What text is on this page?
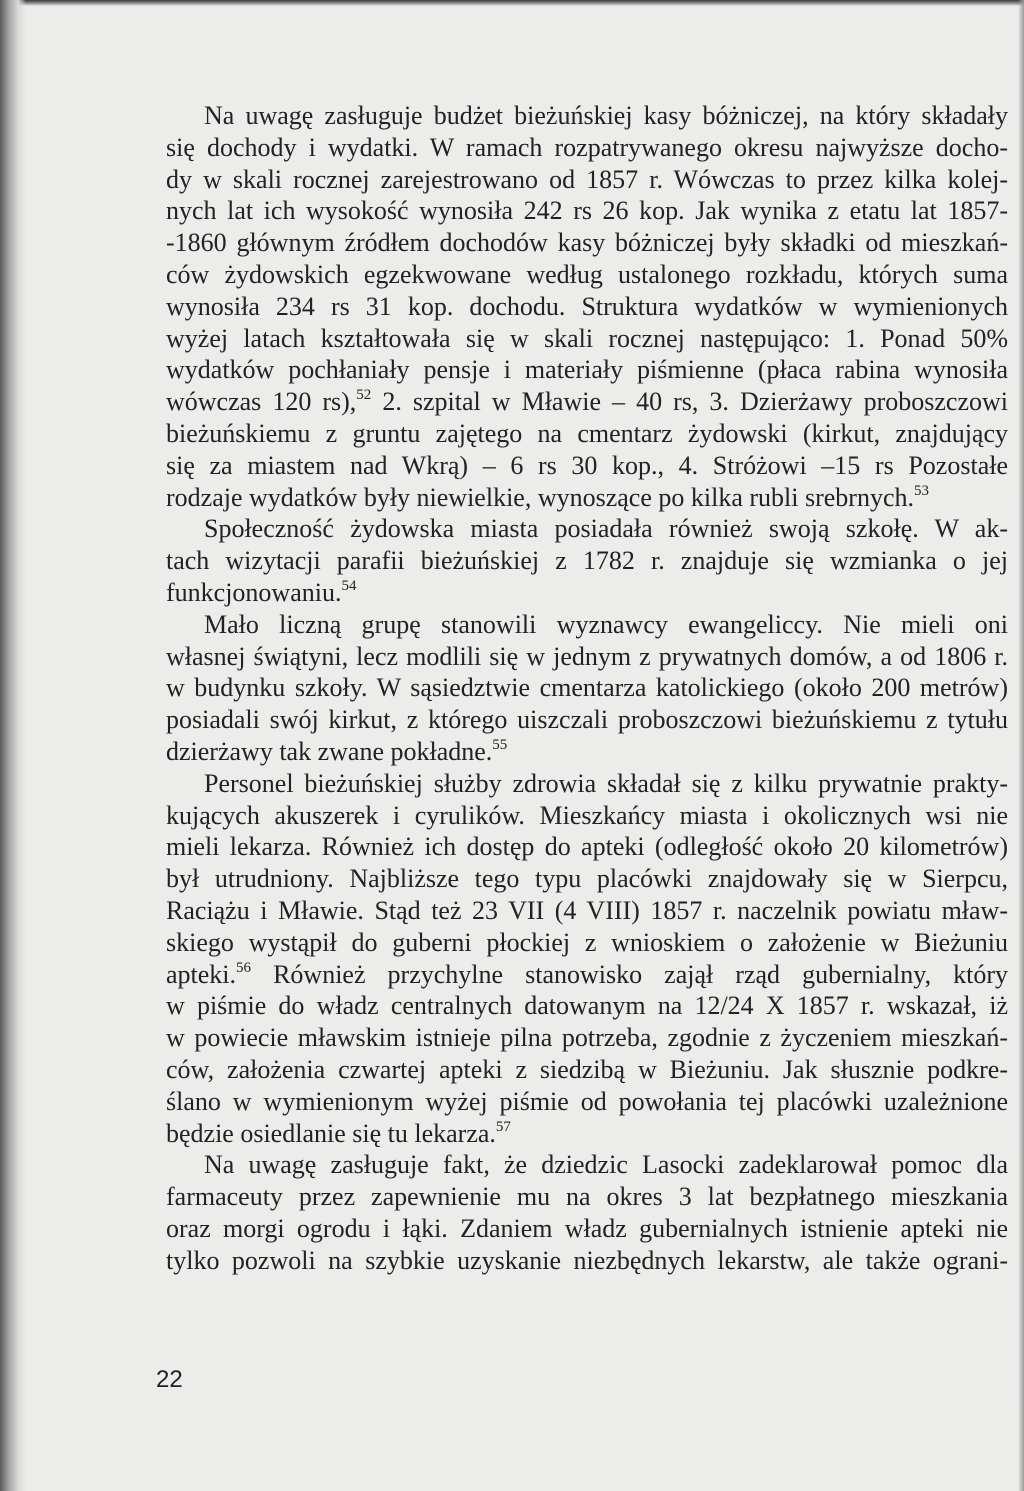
Na uwagę zasługuje budżet bieżuńskiej kasy bóżniczej, na który składały
się dochody i wydatki. W ramach rozpatrywanego okresu najwyższe docho-
dy w skali rocznej zarejestrowano od 1857 r. Wówczas to przez kilka kolej-
nych lat ich wysokość wynosiła 242 rs 26 kop. Jak wynika z etatu lat 1857-
-1860 głównym źródłem dochodów kasy bóżniczej były składki od mieszkań-
ców żydowskich egzekwowane według ustalonego rozkładu, których suma
wynosiła 234 rs 31 kop. dochodu. Struktura wydatków w wymienionych
wyżej latach kształtowała się w skali rocznej następująco: 1. Ponad 50%
wydatków pochłaniały pensje i materiały piśmienne (płaca rabina wynosiła
wówczas 120 rs),$^{52}$ 2. szpital w Mławie – 40 rs, 3. Dzierżawy proboszczowi
bieżuńskiemu z gruntu zajętego na cmentarz żydowski (kirkut, znajdujący
się za miastem nad Wkrą) – 6 rs 30 kop., 4. Stróżowi –15 rs Pozostałe
rodzaje wydatków były niewielkie, wynoszące po kilka rubli srebrnych.$^{53}$
Społeczność żydowska miasta posiadała również swoją szkołę. W ak-
tach wizytacji parafii bieżuńskiej z 1782 r. znajduje się wzmianka o jej
funkcjonowaniu.$^{54}$
Mało liczną grupę stanowili wyznawcy ewangeliccy. Nie mieli oni
własnej świątyni, lecz modlili się w jednym z prywatnych domów, a od 1806 r.
w budynku szkoły. W sąsiedztwie cmentarza katolickiego (około 200 metrów)
posiadali swój kirkut, z którego uiszczali proboszczowi bieżuńskiemu z tytułu
dzierżawy tak zwane pokładne.$^{55}$
Personel bieżuńskiej służby zdrowia składał się z kilku prywatnie prakty-
kujących akuszerek i cyrulików. Mieszkańcy miasta i okolicznych wsi nie
mieli lekarza. Również ich dostęp do apteki (odległość około 20 kilometrów)
był utrudniony. Najbliższe tego typu placówki znajdowały się w Sierpcu,
Raciążu i Mławie. Stąd też 23 VII (4 VIII) 1857 r. naczelnik powiatu mław-
skiego wystąpił do guberni płockiej z wnioskiem o założenie w Bieżuniu
apteki.$^{56}$ Również przychylne stanowisko zajął rząd gubernialny, który
w piśmie do władz centralnych datowanym na 12/24 X 1857 r. wskazał, iż
w powiecie mławskim istnieje pilna potrzeba, zgodnie z życzeniem mieszkań-
ców, założenia czwartej apteki z siedzibą w Bieżuniu. Jak słusznie podkre-
ślano w wymienionym wyżej piśmie od powołania tej placówki uzależnione
będzie osiedlanie się tu lekarza.$^{57}$
Na uwagę zasługuje fakt, że dziedzic Lasocki zadeklarował pomoc dla
farmaceuty przez zapewnienie mu na okres 3 lat bezpłatnego mieszkania
oraz morgi ogrodu i łąki. Zdaniem władz gubernialnych istnienie apteki nie
tylko pozwoli na szybkie uzyskanie niezbędnych lekarstw, ale także ograni-
22
